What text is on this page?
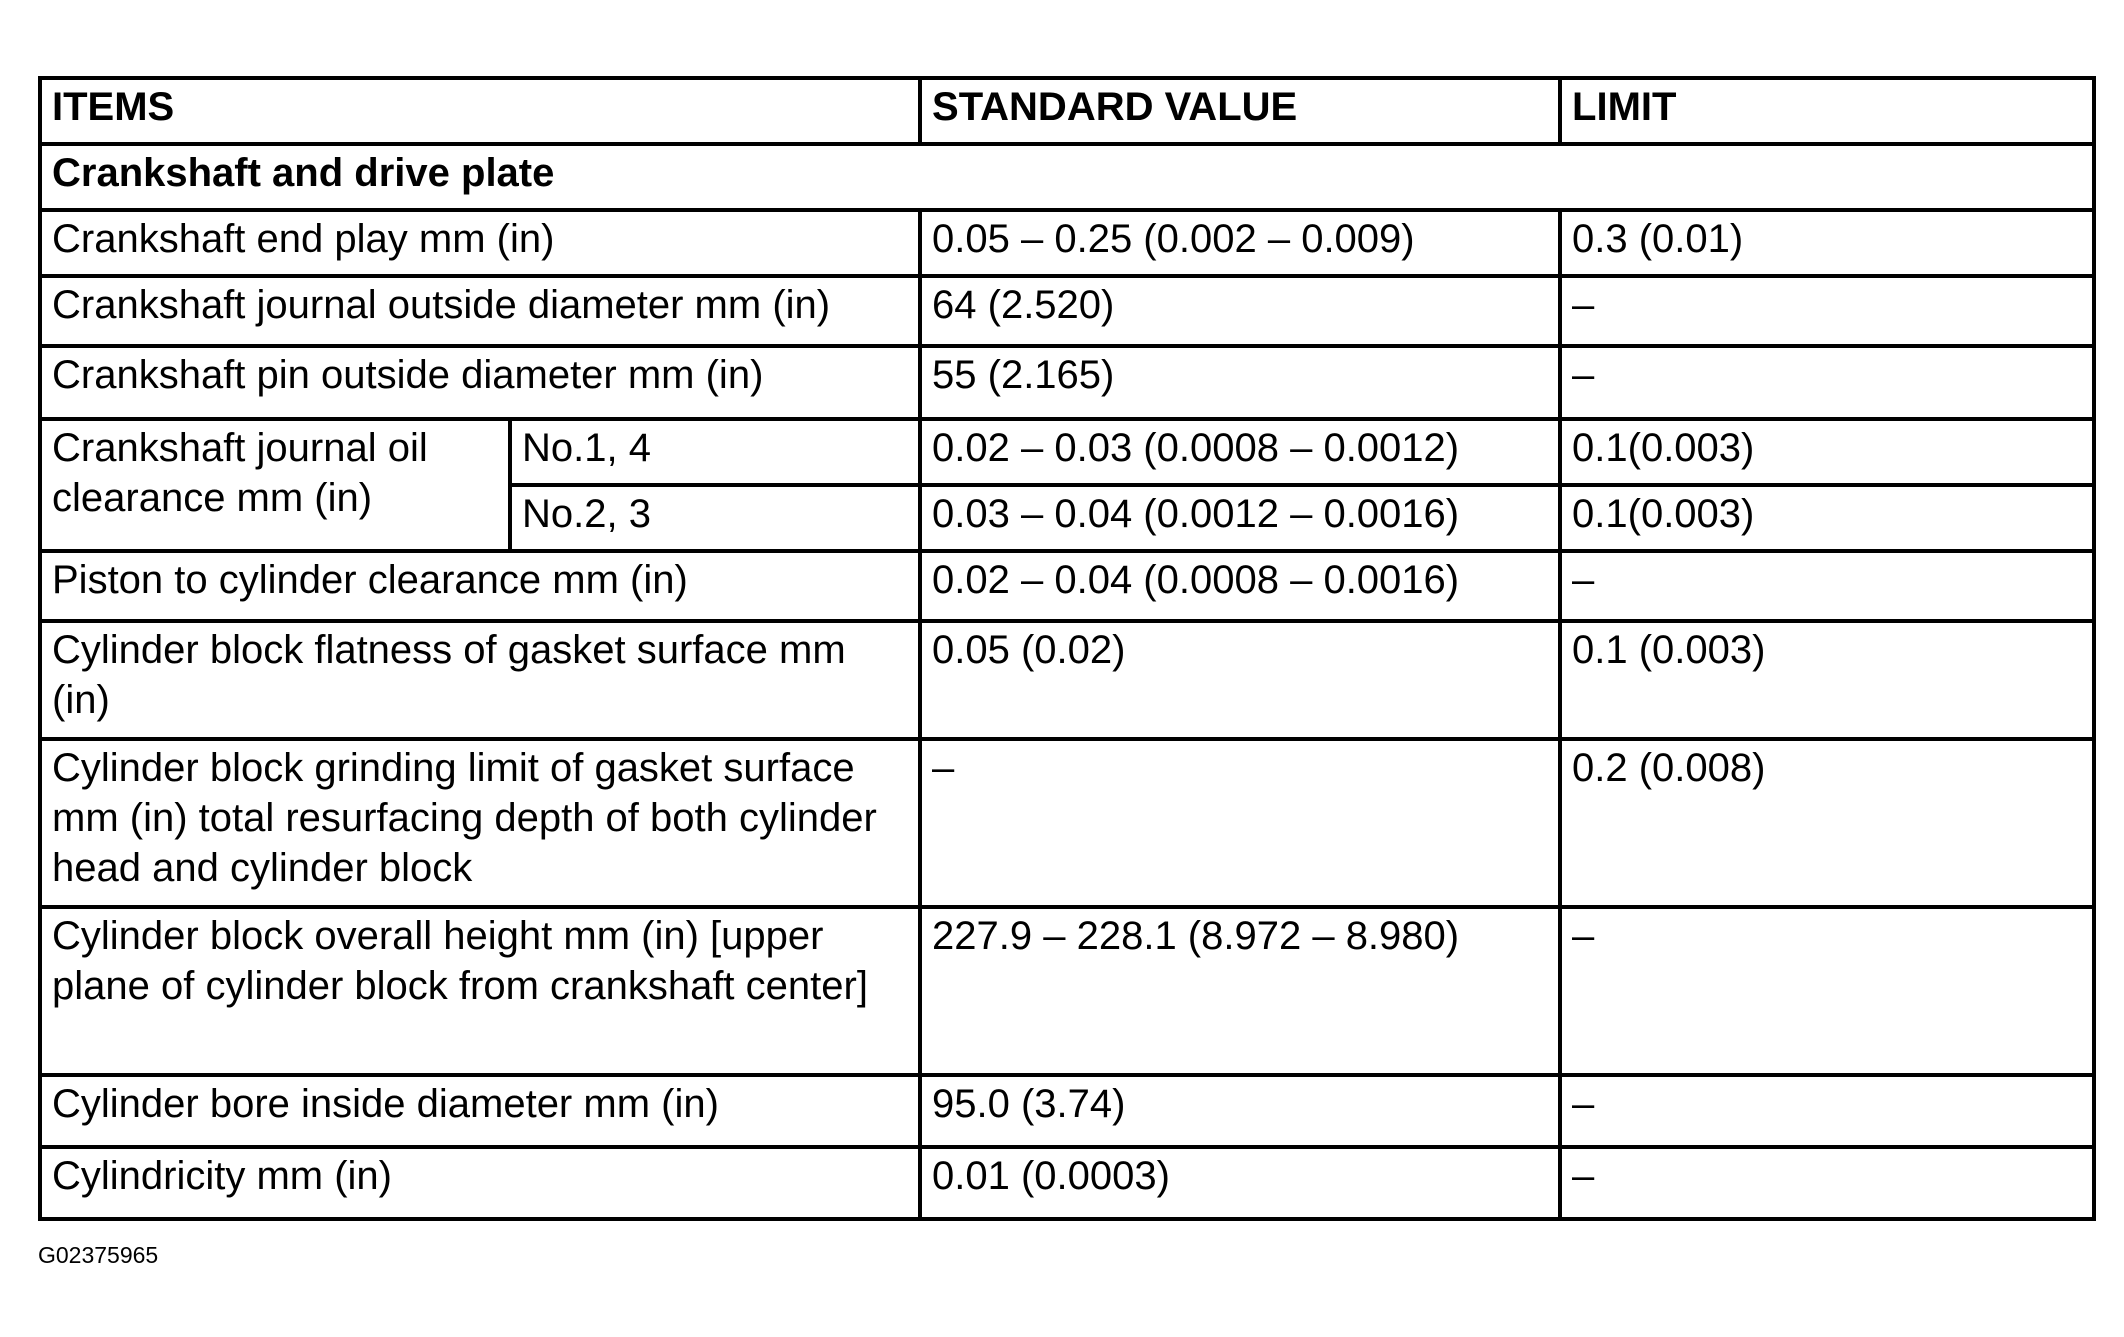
ITEMS		STANDARD VALUE	LIMIT
Crankshaft and drive plate			
Crankshaft end play mm (in)		0.05 – 0.25 (0.002 – 0.009)	0.3 (0.01)
Crankshaft journal outside diameter mm (in)		64 (2.520)	–
Crankshaft pin outside diameter mm (in)		55 (2.165)	–
Crankshaft journal oil clearance mm (in)	No.1, 4	0.02 – 0.03 (0.0008 – 0.0012)	0.1(0.003)
	No.2, 3	0.03 – 0.04 (0.0012 – 0.0016)	0.1(0.003)
Piston to cylinder clearance mm (in)		0.02 – 0.04 (0.0008 – 0.0016)	–
Cylinder block flatness of gasket surface mm (in)		0.05 (0.02)	0.1 (0.003)
Cylinder block grinding limit of gasket surface mm (in) total resurfacing depth of both cylinder head and cylinder block		–	0.2 (0.008)
Cylinder block overall height mm (in) [upper plane of cylinder block from crankshaft center]		227.9 – 228.1 (8.972 – 8.980)	–
Cylinder bore inside diameter mm (in)		95.0 (3.74)	–
Cylindricity mm (in)		0.01 (0.0003)	–
G02375965
